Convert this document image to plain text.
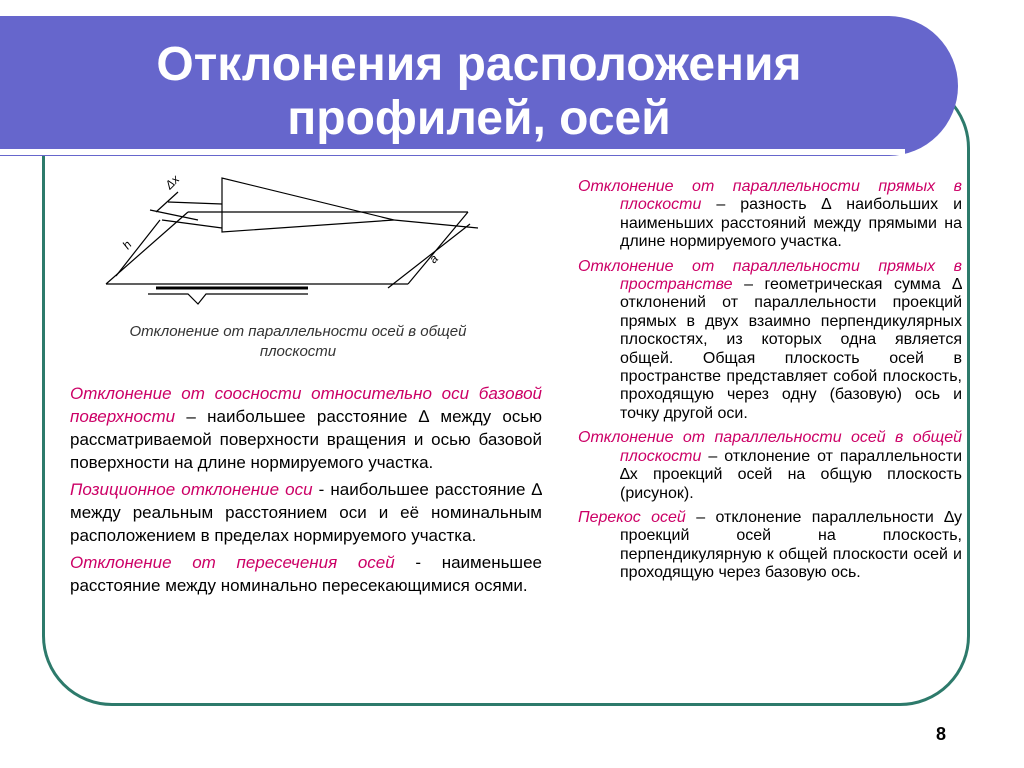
Отклонения расположения
профилей, осей
Δx
h
a
Отклонение от параллельности осей в общей плоскости

Отклонение от соосности относительно оси базовой поверхности – наибольшее расстояние ∆ между осью рассматриваемой поверхности вращения и осью базовой поверхности на длине нормируемого участка.

Позиционное отклонение оси - наибольшее расстояние ∆ между реальным расстоянием оси и её номинальным расположением в пределах нормируемого участка.

Отклонение от пересечения осей - наименьшее расстояние между номинально пересекающимися осями.

Отклонение от параллельности прямых в плоскости – разность ∆ наибольших и наименьших расстояний между прямыми на длине нормируемого участка.

Отклонение от параллельности прямых в пространстве – геометрическая сумма ∆ отклонений от параллельности проекций прямых в двух взаимно перпендикулярных плоскостях, из которых одна является общей. Общая плоскость осей в пространстве представляет собой плоскость, проходящую через одну (базовую) ось и точку другой оси.

Отклонение от параллельности осей в общей плоскости – отклонение от параллельности ∆х проекций осей на общую плоскость (рисунок).

Перекос осей – отклонение параллельности ∆у проекций осей на плоскость, перпендикулярную к общей плоскости осей и проходящую через базовую ось.

8
